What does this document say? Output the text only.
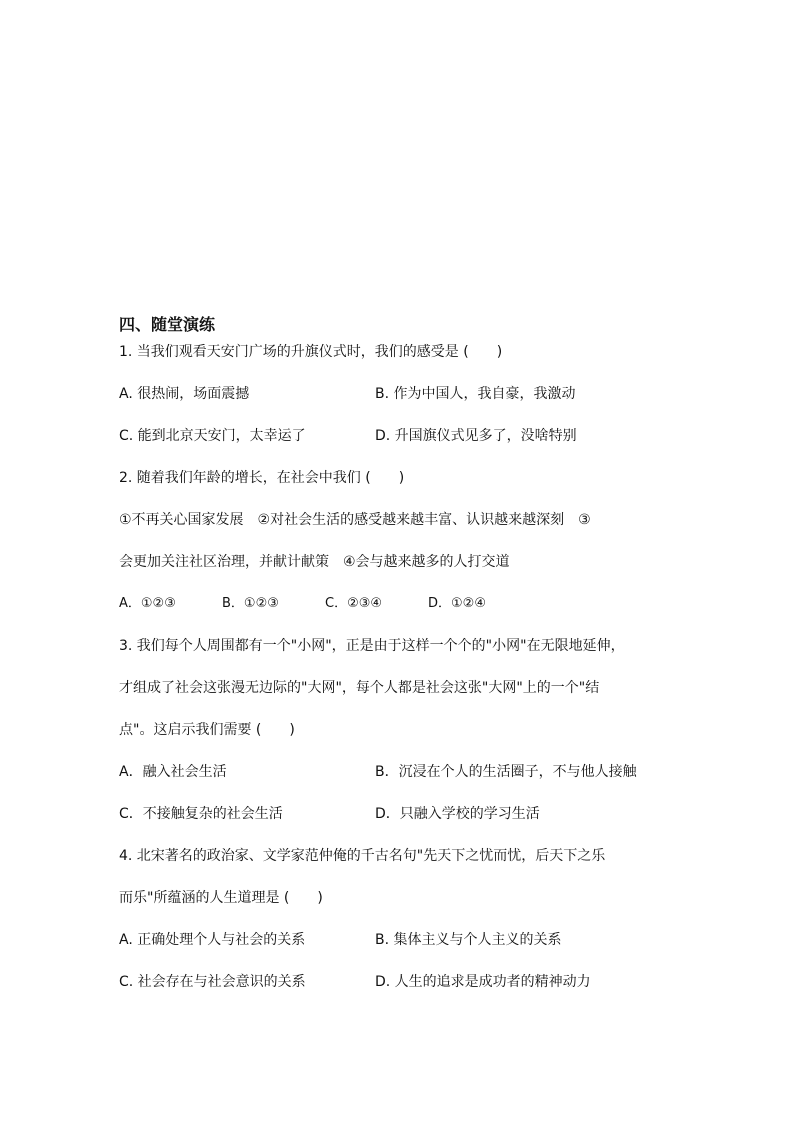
四、随堂演练
1. 当我们观看天安门广场的升旗仪式时，我们的感受是 (　　)
A. 很热闹，场面震撼	B. 作为中国人，我自豪，我激动
C. 能到北京天安门，太幸运了	D. 升国旗仪式见多了，没啥特别
2. 随着我们年龄的增长，在社会中我们 (　　)
①不再关心国家发展　②对社会生活的感受越来越丰富、认识越来越深刻　③
会更加关注社区治理，并献计献策　④会与越来越多的人打交道
A．①②③	B．①②③	C．②③④	D．①②④
3. 我们每个人周围都有一个"小网"，正是由于这样一个个的"小网"在无限地延伸，
才组成了社会这张漫无边际的"大网"，每个人都是社会这张"大网"上的一个"结
点"。这启示我们需要 (　　)
A．融入社会生活	B．沉浸在个人的生活圈子，不与他人接触
C．不接触复杂的社会生活	D．只融入学校的学习生活
4. 北宋著名的政治家、文学家范仲俺的千古名句"先天下之忧而忧，后天下之乐
而乐"所蕴涵的人生道理是 (　　)
A. 正确处理个人与社会的关系	B. 集体主义与个人主义的关系
C. 社会存在与社会意识的关系	D. 人生的追求是成功者的精神动力
